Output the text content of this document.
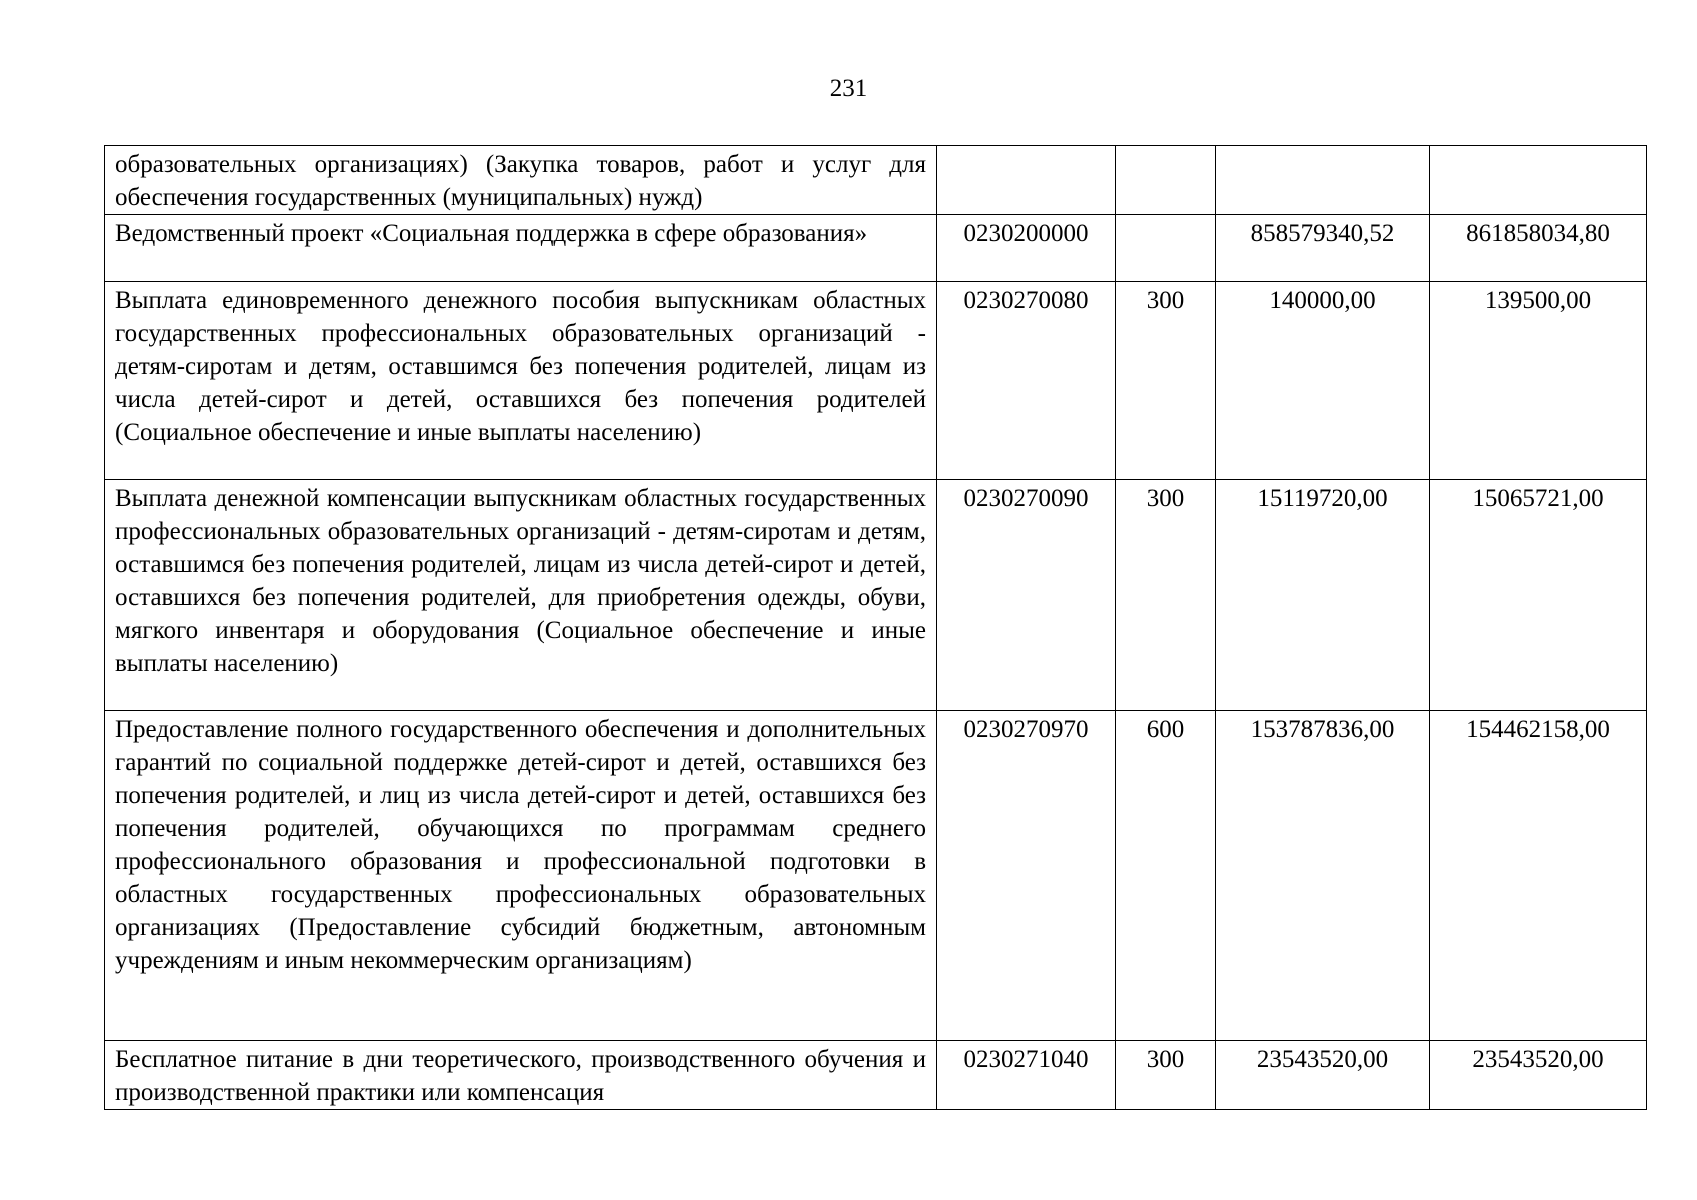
231
образовательных организациях) (Закупка товаров, работ и услуг для обеспечения государственных (муниципальных) нужд)				
Ведомственный проект «Социальная поддержка в сфере образования»	0230200000		858579340,52	861858034,80
Выплата единовременного денежного пособия выпускникам областных государственных профессиональных образовательных организаций - детям-сиротам и детям, оставшимся без попечения родителей, лицам из числа детей-сирот и детей, оставшихся без попечения родителей (Социальное обеспечение и иные выплаты населению)	0230270080	300	140000,00	139500,00
Выплата денежной компенсации выпускникам областных государственных профессиональных образовательных организаций - детям-сиротам и детям, оставшимся без попечения родителей, лицам из числа детей-сирот и детей, оставшихся без попечения родителей, для приобретения одежды, обуви, мягкого инвентаря и оборудования (Социальное обеспечение и иные выплаты населению)	0230270090	300	15119720,00	15065721,00
Предоставление полного государственного обеспечения и дополнительных гарантий по социальной поддержке детей-сирот и детей, оставшихся без попечения родителей, и лиц из числа детей-сирот и детей, оставшихся без попечения родителей, обучающихся по программам среднего профессионального образования и профессиональной подготовки в областных государственных профессиональных образовательных организациях (Предоставление субсидий бюджетным, автономным учреждениям и иным некоммерческим организациям)	0230270970	600	153787836,00	154462158,00
Бесплатное питание в дни теоретического, производственного обучения и производственной практики или компенсация	0230271040	300	23543520,00	23543520,00
